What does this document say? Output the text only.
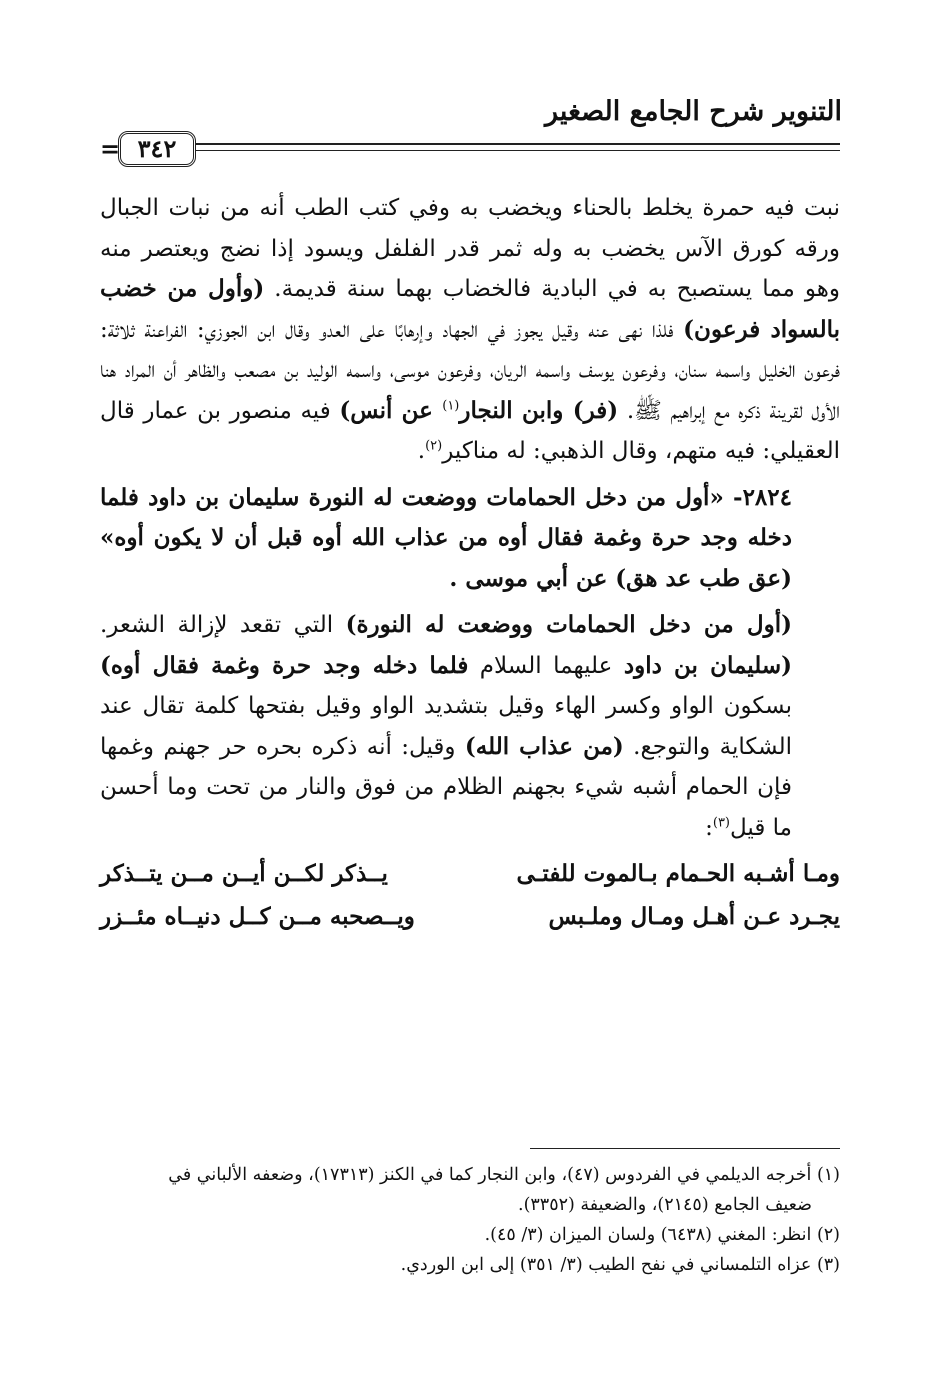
التنوير شرح الجامع الصغير
٣٤٢
=

نبت فيه حمرة يخلط بالحناء ويخضب به وفي كتب الطب أنه من نبات الجبال ورقه كورق الآس يخضب به وله ثمر قدر الفلفل ويسود إذا نضج ويعتصر منه وهو مما يستصبح به في البادية فالخضاب بهما سنة قديمة. (وأول من خضب بالسواد فرعون) فلذا نهى عنه وقيل يجوز في الجهاد وإرهابًا على العدو وقال ابن الجوزي: الفراعنة ثلاثة: فرعون الخليل واسمه سنان، وفرعون يوسف واسمه الريان، وفرعون موسى، واسمه الوليد بن مصعب والظاهر أن المراد هنا الأول لقرينة ذكره مع إبراهيم ﷺ. (فر) وابن النجار$^{(١)}$ عن أنس) فيه منصور بن عمار قال العقيلي: فيه متهم، وقال الذهبي: له مناكير$^{(٢)}$.

٢٨٢٤- «أول من دخل الحمامات ووضعت له النورة سليمان بن داود فلما دخله وجد حرة وغمة فقال أوه من عذاب الله أوه قبل أن لا يكون أوه» (عق طب عد هق) عن أبي موسى .

(أول من دخل الحمامات ووضعت له النورة) التي تقعد لإزالة الشعر. (سليمان بن داود عليهما السلام فلما دخله وجد حرة وغمة فقال أوه) بسكون الواو وكسر الهاء وقيل بتشديد الواو وقيل بفتحها كلمة تقال عند الشكاية والتوجع. (من عذاب الله) وقيل: أنه ذكره بحره حر جهنم وغمها فإن الحمام أشبه شيء بجهنم الظلام من فوق والنار من تحت وما أحسن ما قيل$^{(٣)}$:

ومـا أشـبه الحـمام بـالموت للفتـى
يــذكر لكــن أيــن مــن يتــذكر
يجـرد عـن أهـل ومـال وملـبس
ويــصحبه مــن كــل دنيــاه مئــزر

(١) أخرجه الديلمي في الفردوس (٤٧)، وابن النجار كما في الكنز (١٧٣١٣)، وضعفه الألباني في

ضعيف الجامع (٢١٤٥)، والضعيفة (٣٣٥٢).

(٢) انظر: المغني (٦٤٣٨) ولسان الميزان (٣/ ٤٥).

(٣) عزاه التلمساني في نفح الطيب (٣/ ٣٥١) إلى ابن الوردي.
